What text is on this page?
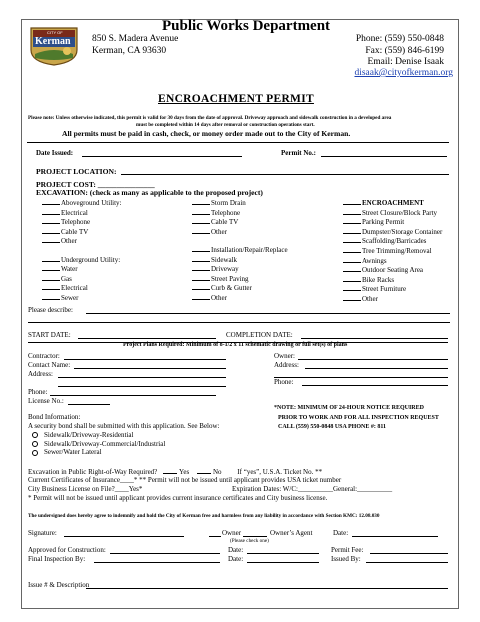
CITY OF
Kerman
Public Works Department
850 S. Madera Avenue
Kerman, CA 93630
Phone: (559) 550-0848
Fax: (559) 846-6199
Email: Denise Isaak
disaak@cityofkerman.org
ENCROACHMENT PERMIT
Please note: Unless otherwise indicated, this permit is valid for 30 days from the date of approval. Driveway approach and sidewalk construction in a developed area
must be completed within 14 days after removal or construction operations start.
All permits must be paid in cash, check, or money order made out to the City of Kerman.
Date Issued:	Permit No.:
PROJECT LOCATION:
PROJECT COST: _______________
EXCAVATION: (check as many as applicable to the proposed project)
Aboveground Utility:
Electrical
Telephone
Cable TV
Other

Underground Utility:
Water
Gas
Electrical
Sewer
Storm Drain
Telephone
Cable TV
Other

Installation/Repair/Replace
Sidewalk
Driveway
Street Paving
Curb & Gutter
Other
ENCROACHMENT
Street Closure/Block Party
Parking Permit
Dumpster/Storage Container
Scaffolding/Barricades
Tree Trimming/Removal
Awnings
Outdoor Seating Area
Bike Racks
Street Furniture
Other
Please describe:
START DATE:	COMPLETION DATE:
Project Plans Required: Minimum of 8-1/2 x 11 schematic drawing or full set(s) of plans
Contractor:
Contact Name:
Address:
Phone:
License No.:
Owner:
Address:
Phone:
*NOTE: MINIMUM OF 24-HOUR NOTICE REQUIRED
PRIOR TO WORK AND FOR ALL INSPECTION REQUEST
CALL (559) 550-0848 USA PHONE #: 811
Bond Information:
A security bond shall be submitted with this application. See Below:
Sidewalk/Driveway-Residential
Sidewalk/Driveway-Commercial/Industrial
Sewer/Water Lateral
Excavation in Public Right-of-Way Required?	Yes	No If “yes”, U.S.A. Ticket No. **
Current Certificates of Insurance____* ** Permit will not be issued until applicant provides USA ticket number
City Business License on File?____Yes*	Expiration Dates: W/C:__________General:__________
* Permit will not be issued until applicant provides current insurance certificates and City business license.
The undersigned does hereby agree to indemnify and hold the City of Kerman free and harmless from any liability in accordance with Section KMC: 12.08.030
Signature:	Owner	Owner’s Agent	Date:
(Please check one)
Approved for Construction:	Date:	Permit Fee:
Final Inspection By:	Date:	Issued By:
Issue # & Description
